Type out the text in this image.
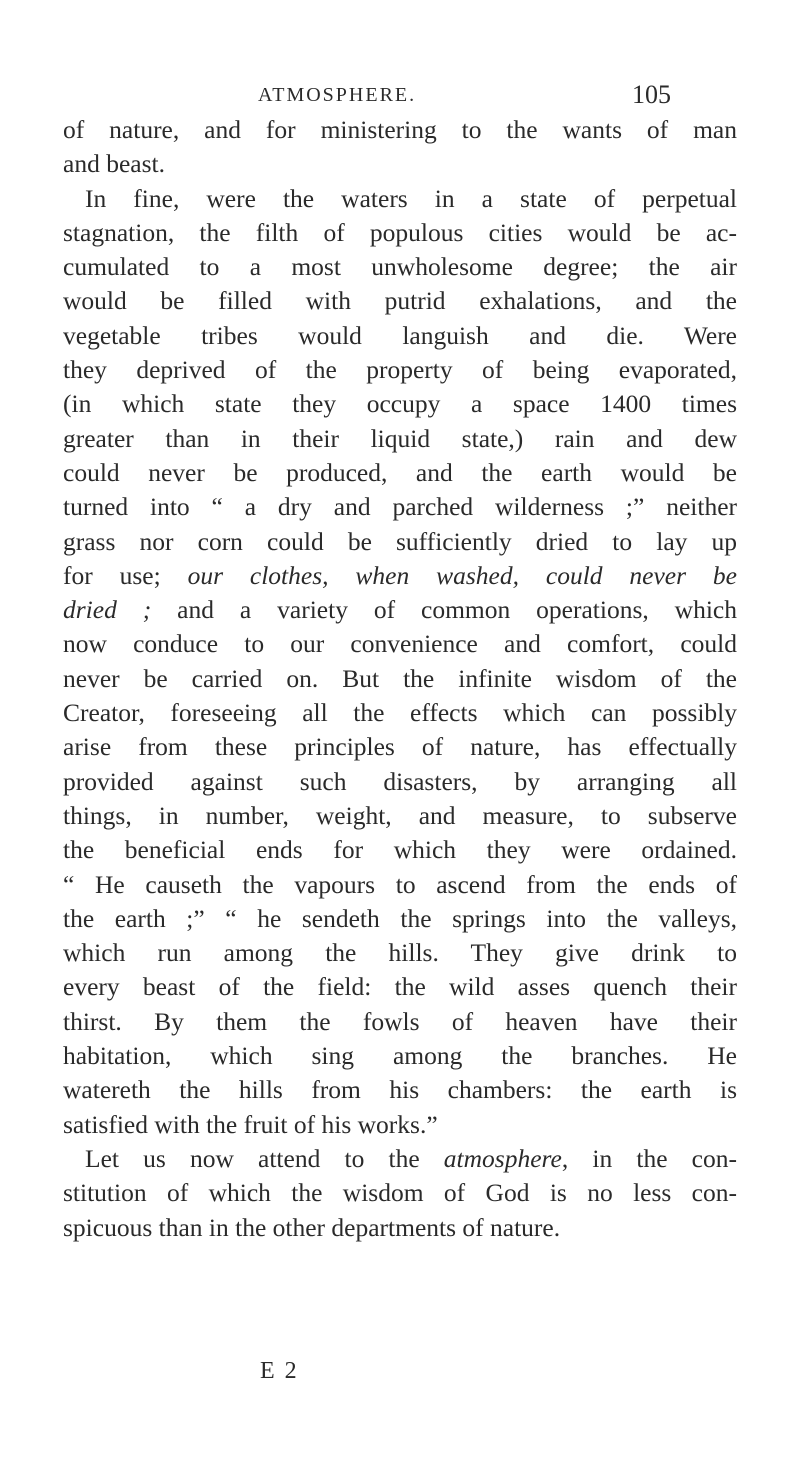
ATMOSPHERE.	105
of nature, and for ministering to the wants of man
and beast.
In fine, were the waters in a state of perpetual
stagnation, the filth of populous cities would be ac-
cumulated to a most unwholesome degree; the air
would be filled with putrid exhalations, and the
vegetable tribes would languish and die. Were
they deprived of the property of being evaporated,
(in which state they occupy a space 1400 times
greater than in their liquid state,) rain and dew
could never be produced, and the earth would be
turned into “ a dry and parched wilderness ;” neither
grass nor corn could be sufficiently dried to lay up
for use; our clothes, when washed, could never be
dried ; and a variety of common operations, which
now conduce to our convenience and comfort, could
never be carried on. But the infinite wisdom of the
Creator, foreseeing all the effects which can possibly
arise from these principles of nature, has effectually
provided against such disasters, by arranging all
things, in number, weight, and measure, to subserve
the beneficial ends for which they were ordained.
“ He causeth the vapours to ascend from the ends of
the earth ;” “ he sendeth the springs into the valleys,
which run among the hills. They give drink to
every beast of the field: the wild asses quench their
thirst. By them the fowls of heaven have their
habitation, which sing among the branches. He
watereth the hills from his chambers: the earth is
satisfied with the fruit of his works.”
Let us now attend to the atmosphere, in the con-
stitution of which the wisdom of God is no less con-
spicuous than in the other departments of nature.
E 2
